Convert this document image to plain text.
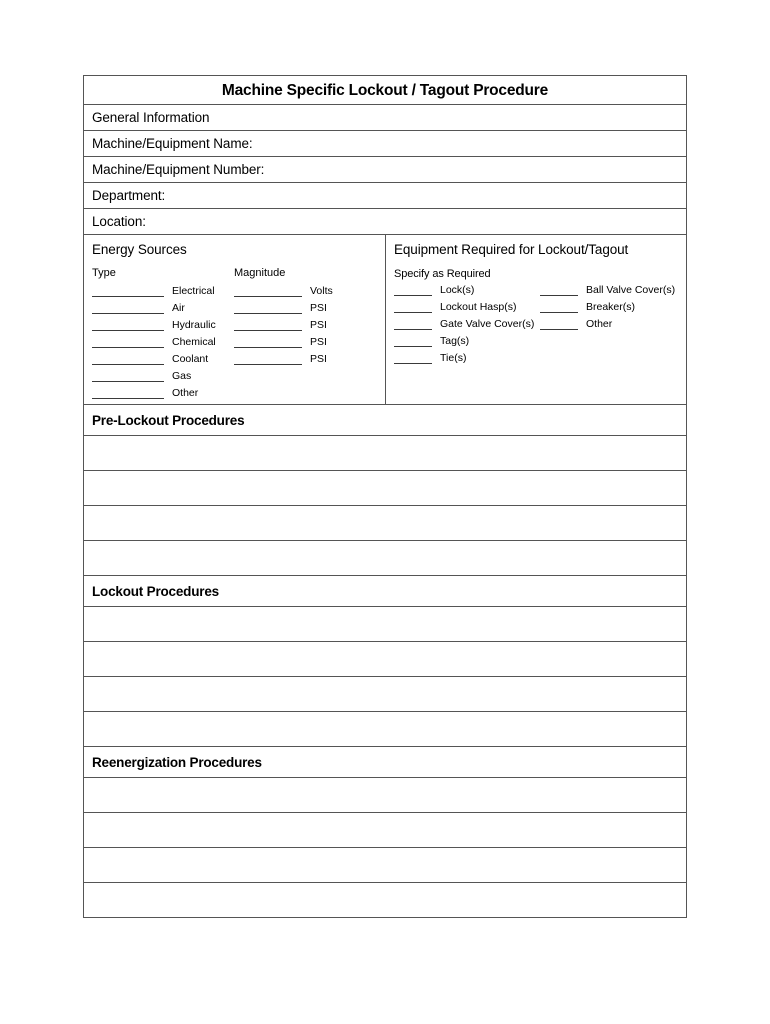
Machine Specific Lockout / Tagout Procedure
General Information
Machine/Equipment Name:
Machine/Equipment Number:
Department:
Location:
Energy Sources
Type	Magnitude
Electrical
Air
Hydraulic
Chemical
Coolant
Gas
Other
Volts
PSI
PSI
PSI
PSI
Equipment Required for Lockout/Tagout
Specify as Required
Lock(s)
Lockout Hasp(s)
Gate Valve Cover(s)
Tag(s)
Tie(s)
Ball Valve Cover(s)
Breaker(s)
Other
Pre-Lockout Procedures
Lockout Procedures
Reenergization Procedures
